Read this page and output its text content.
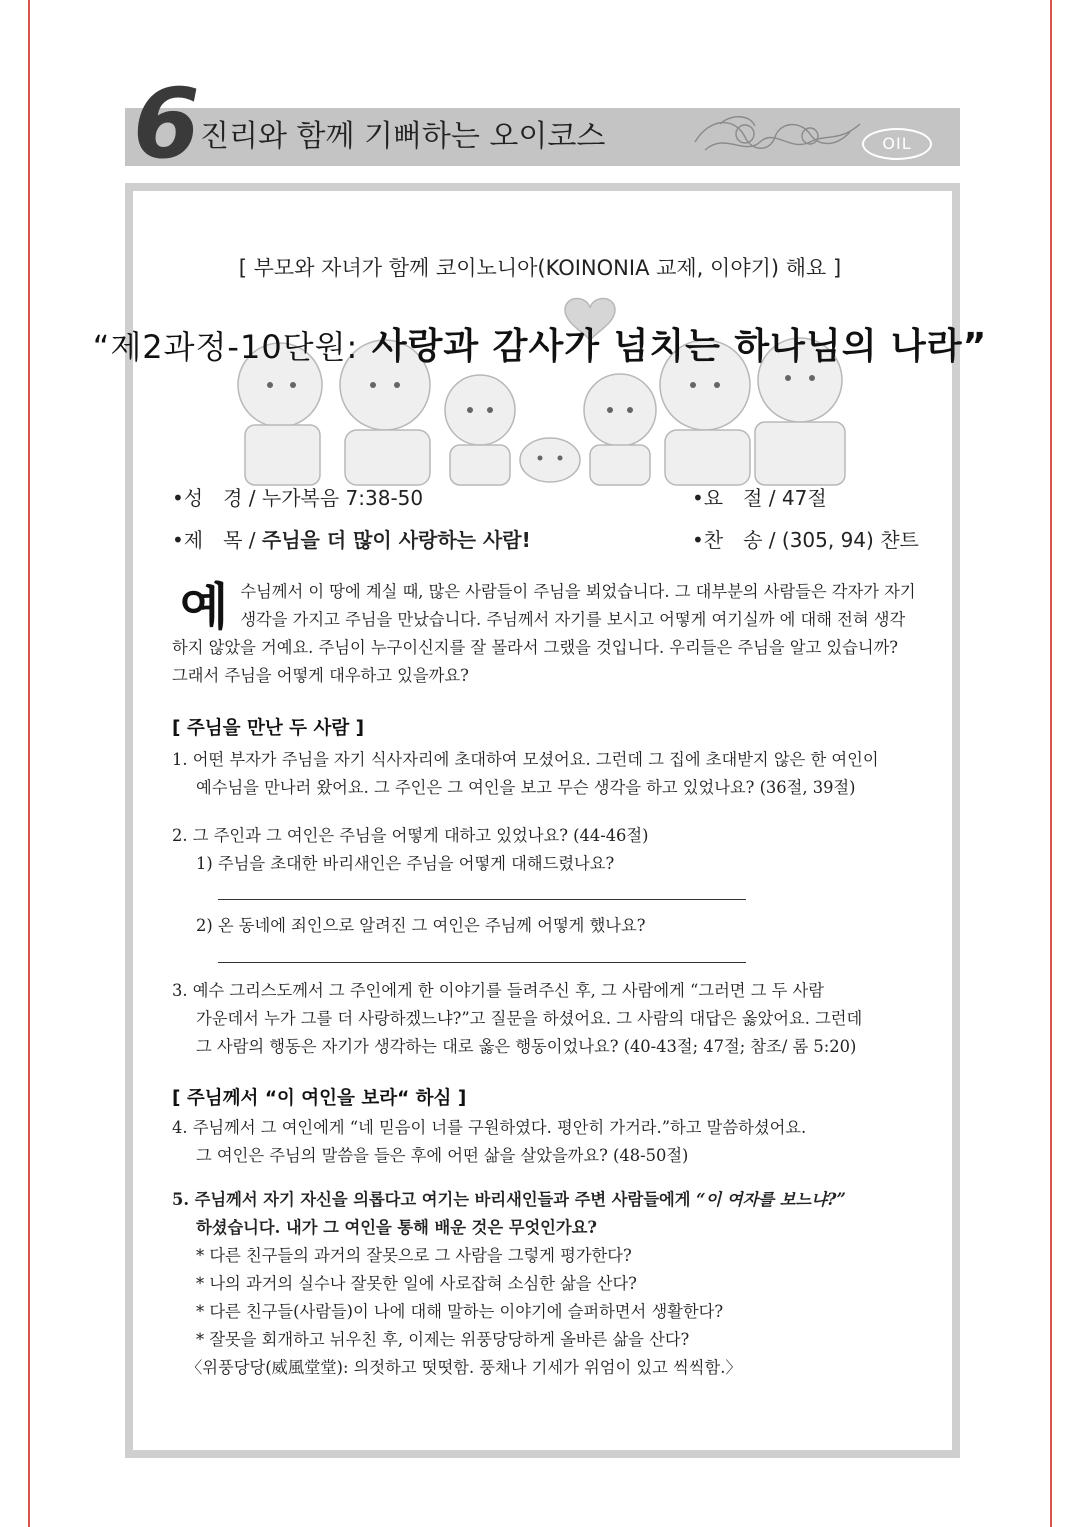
6 진리와 함께 기뻐하는 오이코스	OIL
[ 부모와 자녀가 함께 코이노니아(KOINONIA 교제, 이야기) 해요 ]
“제2과정-10단원: 사랑과 감사가 넘치는 하나님의 나라”
•성　경 / 누가복음 7:38-50	•요　절 / 47절
•제　목 / 주님을 더 많이 사랑하는 사람!	•찬　송 / (305, 94) 챤트
예수님께서 이 땅에 계실 때, 많은 사람들이 주님을 뵈었습니다. 그 대부분의 사람들은 각자가 자기 생각을 가지고 주님을 만났습니다. 주님께서 자기를 보시고 어떻게 여기실까 에 대해 전혀 생각하지 않았을 거예요. 주님이 누구이신지를 잘 몰라서 그랬을 것입니다. 우리들은 주님을 알고 있습니까? 그래서 주님을 어떻게 대우하고 있을까요?
[ 주님을 만난 두 사람 ]
1. 어떤 부자가 주님을 자기 식사자리에 초대하여 모셨어요. 그런데 그 집에 초대받지 않은 한 여인이
예수님을 만나러 왔어요. 그 주인은 그 여인을 보고 무슨 생각을 하고 있었나요? (36절, 39절)
2. 그 주인과 그 여인은 주님을 어떻게 대하고 있었나요? (44-46절)
1) 주님을 초대한 바리새인은 주님을 어떻게 대해드렸나요?
2) 온 동네에 죄인으로 알려진 그 여인은 주님께 어떻게 했나요?
3. 예수 그리스도께서 그 주인에게 한 이야기를 들려주신 후, 그 사람에게 “그러면 그 두 사람
가운데서 누가 그를 더 사랑하겠느냐?”고 질문을 하셨어요. 그 사람의 대답은 옳았어요. 그런데
그 사람의 행동은 자기가 생각하는 대로 옳은 행동이었나요? (40-43절; 47절; 참조/ 롬 5:20)
[ 주님께서 “이 여인을 보라“ 하심 ]
4. 주님께서 그 여인에게 “네 믿음이 너를 구원하였다. 평안히 가거라.”하고 말씀하셨어요.
그 여인은 주님의 말씀을 들은 후에 어떤 삶을 살았을까요? (48-50절)
5. 주님께서 자기 자신을 의롭다고 여기는 바리새인들과 주변 사람들에게 “이 여자를 보느냐?”
하셨습니다. 내가 그 여인을 통해 배운 것은 무엇인가요?
* 다른 친구들의 과거의 잘못으로 그 사람을 그렇게 평가한다?
* 나의 과거의 실수나 잘못한 일에 사로잡혀 소심한 삶을 산다?
* 다른 친구들(사람들)이 나에 대해 말하는 이야기에 슬퍼하면서 생활한다?
* 잘못을 회개하고 뉘우친 후, 이제는 위풍당당하게 올바른 삶을 산다?
〈위풍당당(威風堂堂): 의젓하고 떳떳함. 풍채나 기세가 위엄이 있고 씩씩함.〉
